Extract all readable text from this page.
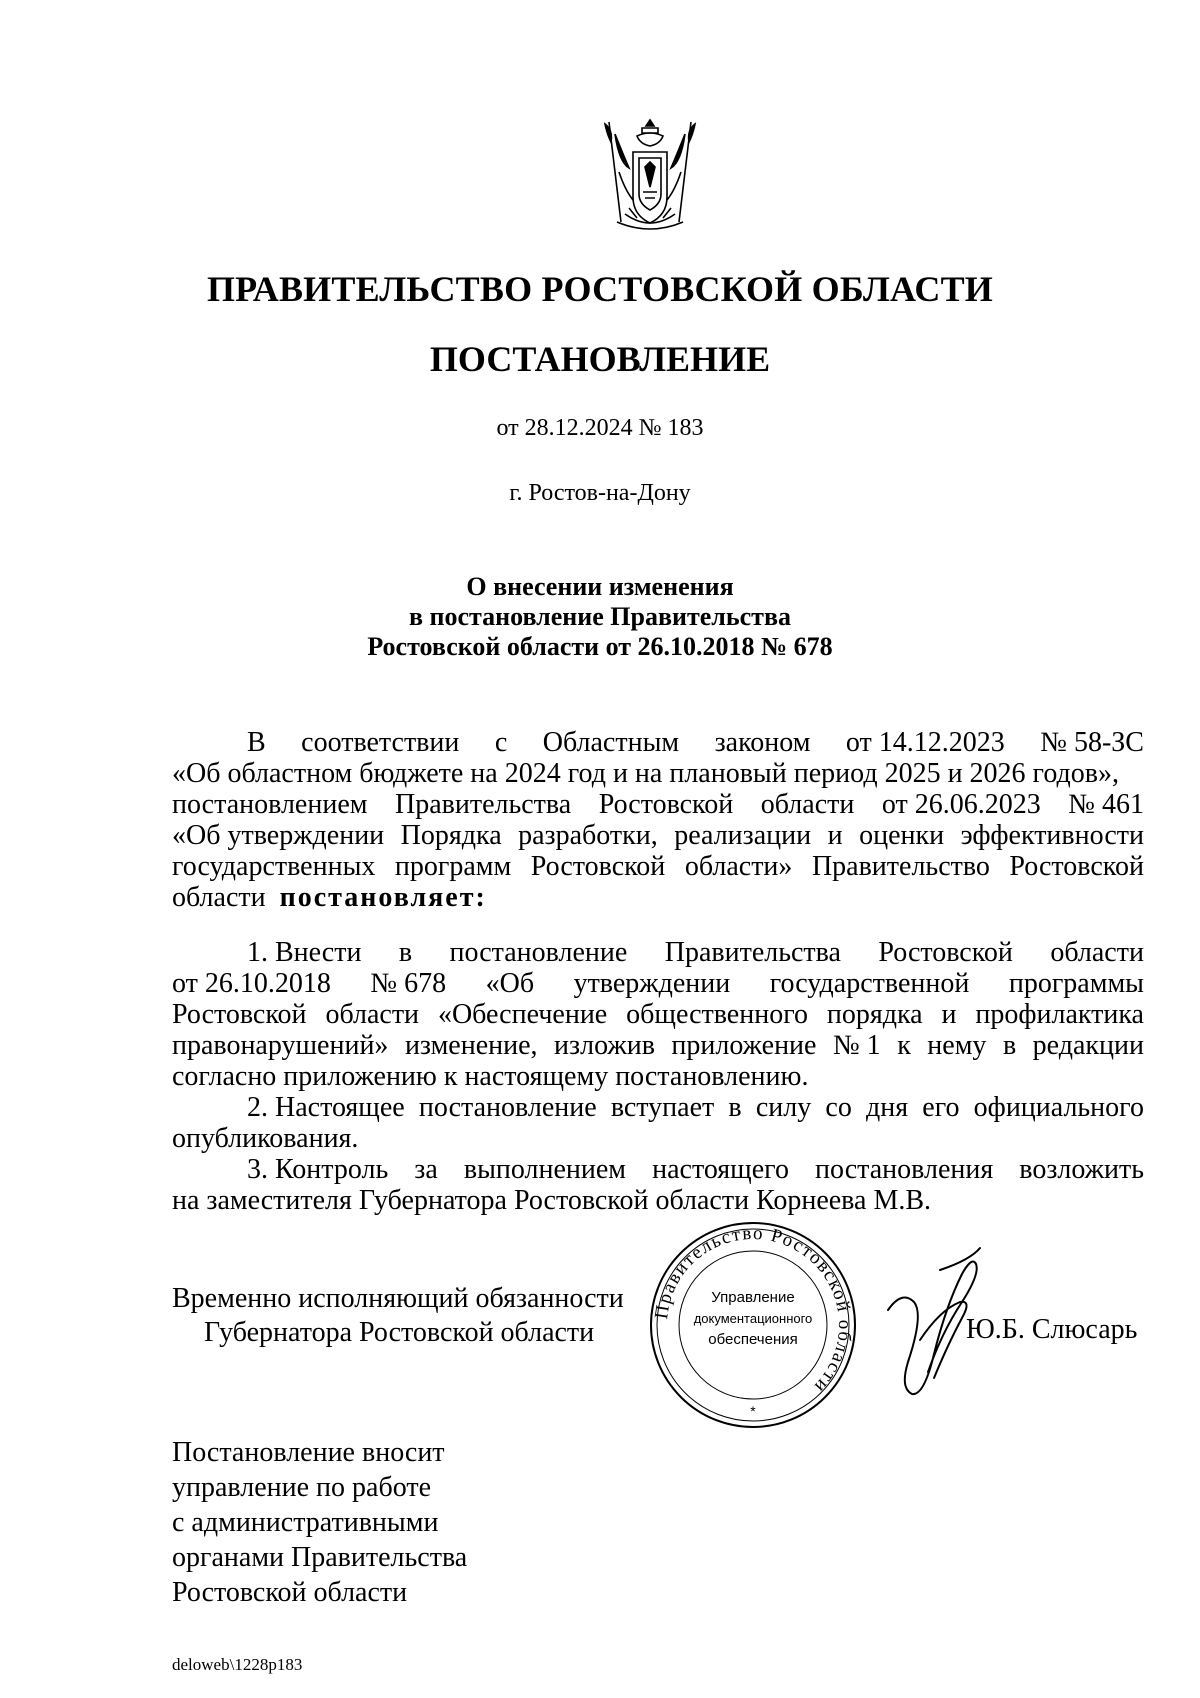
ПРАВИТЕЛЬСТВО РОСТОВСКОЙ ОБЛАСТИ
ПОСТАНОВЛЕНИЕ
от 28.12.2024 № 183
г. Ростов-на-Дону
О внесении изменения
в постановление Правительства
Ростовской области от 26.10.2018 № 678
В соответствии с Областным законом от 14.12.2023 № 58-ЗС
«Об областном бюджете на 2024 год и на плановый период 2025 и 2026 годов»,
постановлением Правительства Ростовской области от 26.06.2023 № 461
«Об утверждении Порядка разработки, реализации и оценки эффективности
государственных программ Ростовской области» Правительство Ростовской
области
постановляет:
1. Внести в постановление Правительства Ростовской области
от 26.10.2018 № 678 «Об утверждении государственной программы
Ростовской области «Обеспечение общественного порядка и профилактика
правонарушений» изменение, изложив приложение № 1 к нему в редакции
согласно приложению к настоящему постановлению.
2. Настоящее постановление вступает в силу со дня его официального
опубликования.
3. Контроль за выполнением настоящего постановления возложить
на заместителя Губернатора Ростовской области Корнеева М.В.
Временно исполняющий обязанности
Губернатора Ростовской области
Правительство Ростовской области
Управление
документационного
обеспечения
*
Ю.Б. Слюсарь
Постановление вносит
управление по работе
с административными
органами Правительства
Ростовской области
deloweb\1228p183
